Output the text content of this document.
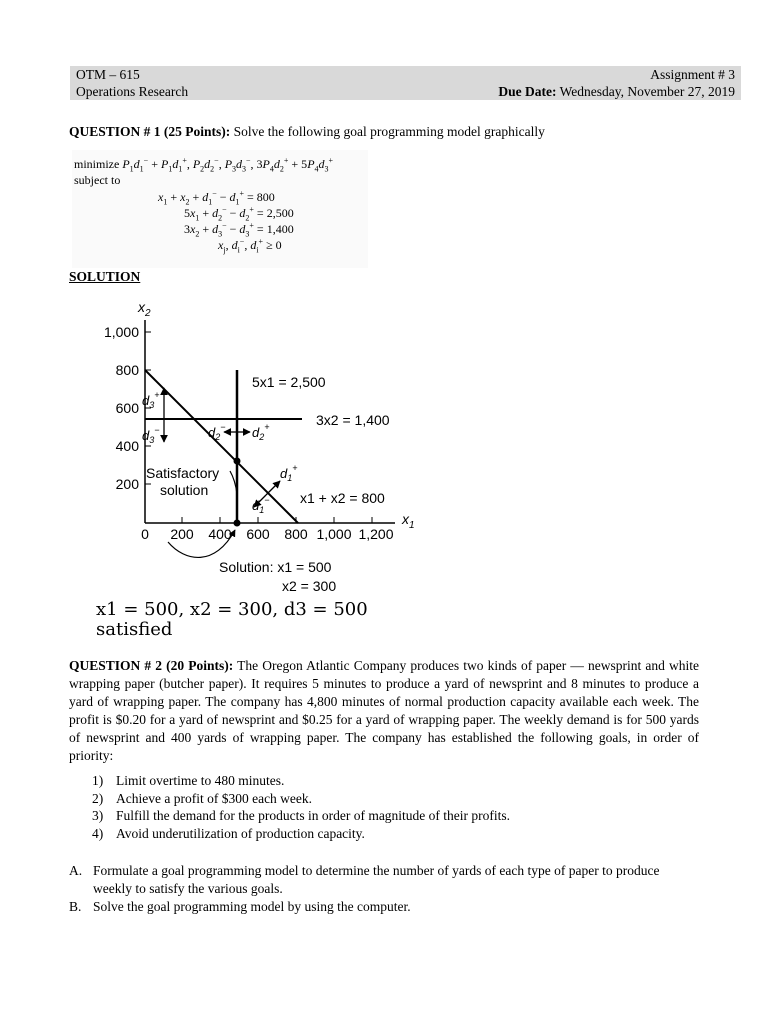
OTM – 615	Assignment # 3
Operations Research	Due Date: Wednesday, November 27, 2019

QUESTION # 1 (25 Points): Solve the following goal programming model graphically

minimize $P_1d_1^- + P_1d_1^+$, $P_2d_2^-$, $P_3d_3^-$, $3P_4d_2^+ + 5P_4d_3^+$
subject to
$x_1 + x_2 + d_1^- - d_1^+ = 800$
$5x_1 + d_2^- - d_2^+ = 2,500$
$3x_2 + d_3^- - d_3^+ = 1,400$
$x_j$, $d_i^-$, $d_i^+ \ge 0$

SOLUTION

$x_2$
$x_1$
1,000
800
600
400
200
0 200 400 600 800 1,000 1,200
5x1 = 2,500
3x2 = 1,400
x1 + x2 = 800
$d_3^+$
$d_3^-$	$d_2^-$ $d_2^+$
$d_1^+$
$d_1^-$
Satisfactory
solution
Solution: x1 = 500
x2 = 300
x1 = 500, x2 = 300, d3 = 500
satisfied

QUESTION # 2 (20 Points): The Oregon Atlantic Company produces two kinds of paper — newsprint and white wrapping paper (butcher paper). It requires 5 minutes to produce a yard of newsprint and 8 minutes to produce a yard of wrapping paper. The company has 4,800 minutes of normal production capacity available each week. The profit is $0.20 for a yard of newsprint and $0.25 for a yard of wrapping paper. The weekly demand is for 500 yards of newsprint and 400 yards of wrapping paper. The company has established the following goals, in order of priority:

1) Limit overtime to 480 minutes.
2) Achieve a profit of $300 each week.
3) Fulfill the demand for the products in order of magnitude of their profits.
4) Avoid underutilization of production capacity.
A. Formulate a goal programming model to determine the number of yards of each type of paper to produce weekly to satisfy the various goals.
B. Solve the goal programming model by using the computer.
